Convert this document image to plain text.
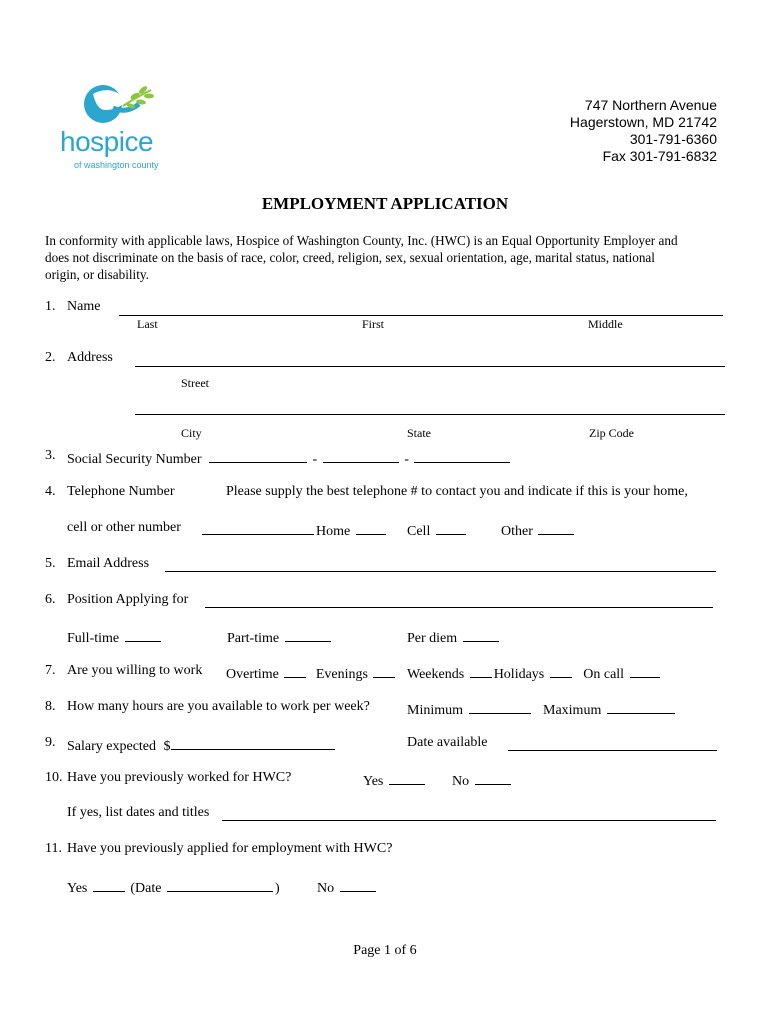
hospice
of washington county
747 Northern Avenue
Hagerstown, MD 21742
301-791-6360
Fax 301-791-6832
EMPLOYMENT APPLICATION
In conformity with applicable laws, Hospice of Washington County, Inc. (HWC) is an Equal Opportunity Employer and
does not discriminate on the basis of race, color, creed, religion, sex, sexual orientation, age, marital status, national
origin, or disability.
1. Name
Last	First	Middle
2. Address
Street
City	State	Zip Code
3. Social Security Number	-	-
4. Telephone Number	Please supply the best telephone # to contact you and indicate if this is your home,
cell or other number	Home	Cell	Other
5. Email Address
6. Position Applying for
Full-time	Part-time	Per diem
7. Are you willing to work Overtime	Evenings	Weekends Holidays	On call
8. How many hours are you available to work per week?	Minimum	Maximum
9. Salary expected $	Date available
10. Have you previously worked for HWC?	Yes	No
If yes, list dates and titles
11. Have you previously applied for employment with HWC?
Yes	(Date	)	No
Page 1 of 6
